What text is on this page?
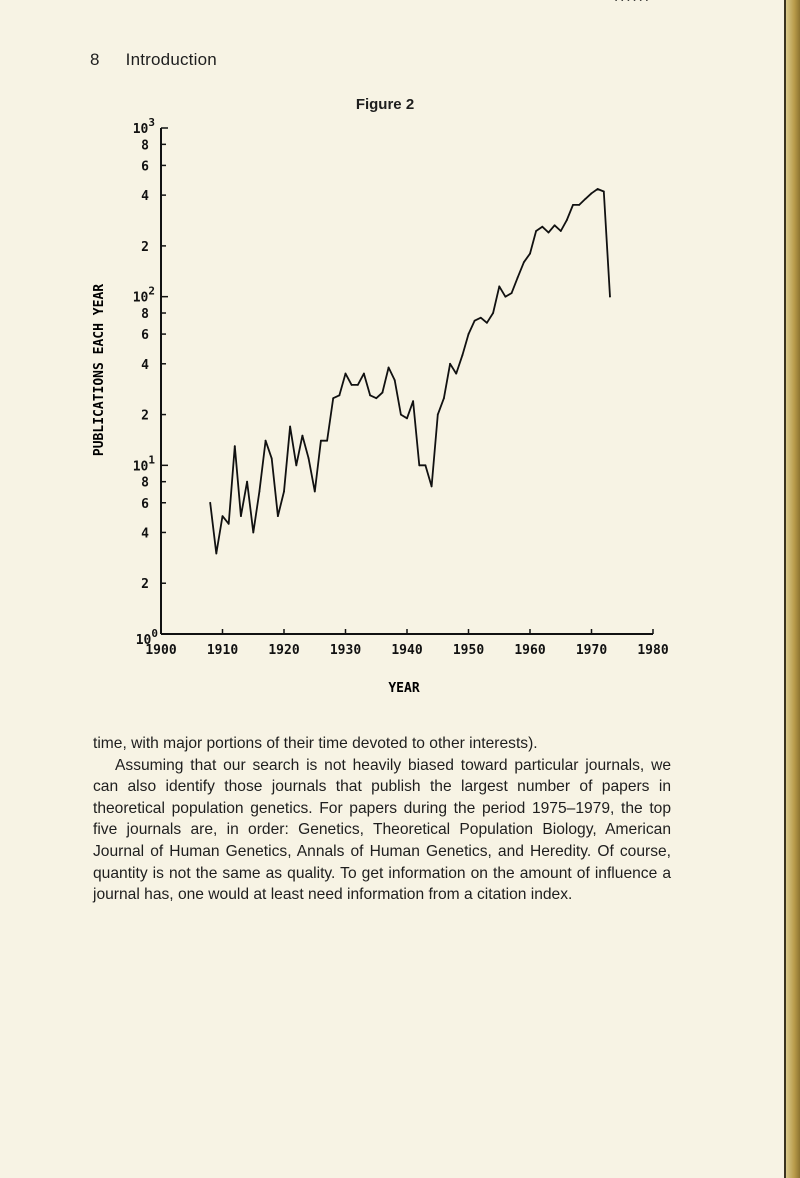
8 Introduction
Figure 2
2
4
6
8
$10^1$
2
4
6
8
$10^2$
2
4
6
8
$10^3$
$10^0$
1900 1910 1920 1930 1940 1950 1960 1970 1980
YEAR
PUBLICATIONS EACH YEAR

time, with major portions of their time devoted to other interests).

Assuming that our search is not heavily biased toward particular journals, we can also identify those journals that publish the largest number of papers in theoretical population genetics. For papers during the period 1975–1979, the top five journals are, in order: Genetics, Theoretical Population Biology, American Journal of Human Genetics, Annals of Human Genetics, and Heredity. Of course, quantity is not the same as quality. To get information on the amount of influence a journal has, one would at least need information from a citation index.
